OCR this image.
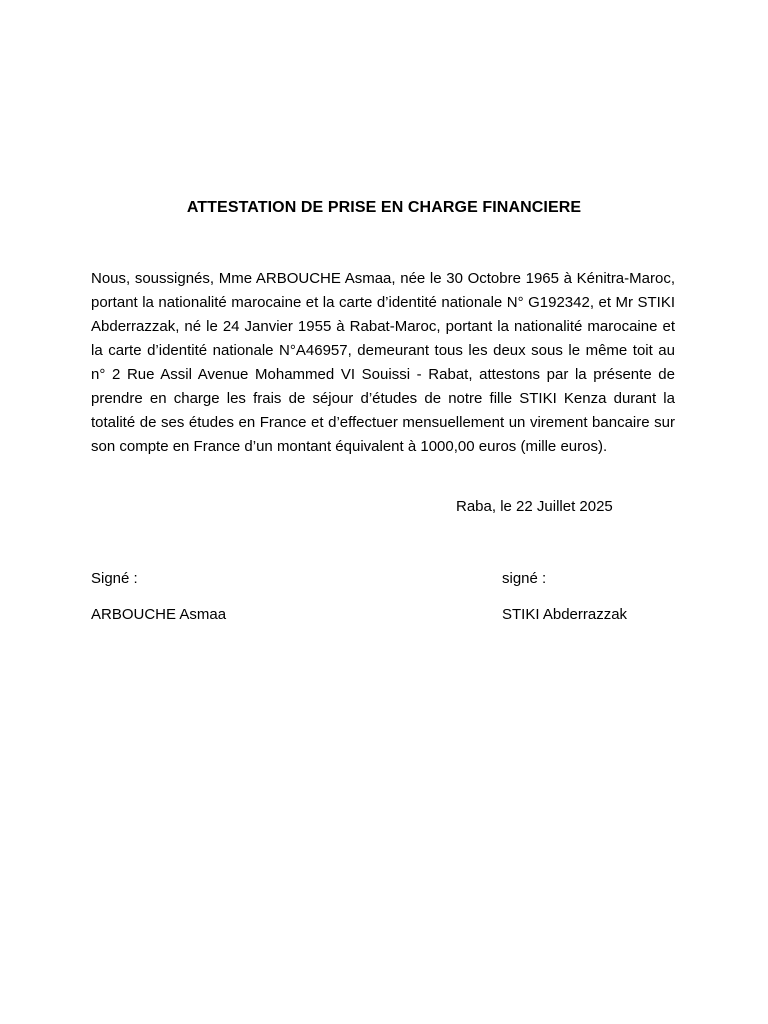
ATTESTATION DE PRISE EN CHARGE FINANCIERE
Nous, soussignés, Mme ARBOUCHE Asmaa, née le 30 Octobre 1965 à Kénitra-Maroc, portant la nationalité marocaine et la carte d’identité nationale N° G192342, et Mr STIKI Abderrazzak, né le 24 Janvier 1955 à Rabat-Maroc, portant la nationalité marocaine et la carte d’identité nationale N°A46957, demeurant tous les deux sous le même toit au n° 2 Rue Assil Avenue Mohammed VI Souissi - Rabat, attestons par la présente de prendre en charge les frais de séjour d’études de notre fille STIKI Kenza durant la totalité de ses études en France et d’effectuer mensuellement un virement bancaire sur son compte en France d’un montant équivalent à 1000,00 euros (mille euros).
Raba, le 22 Juillet 2025
Signé :	signé :
ARBOUCHE Asmaa	STIKI Abderrazzak
